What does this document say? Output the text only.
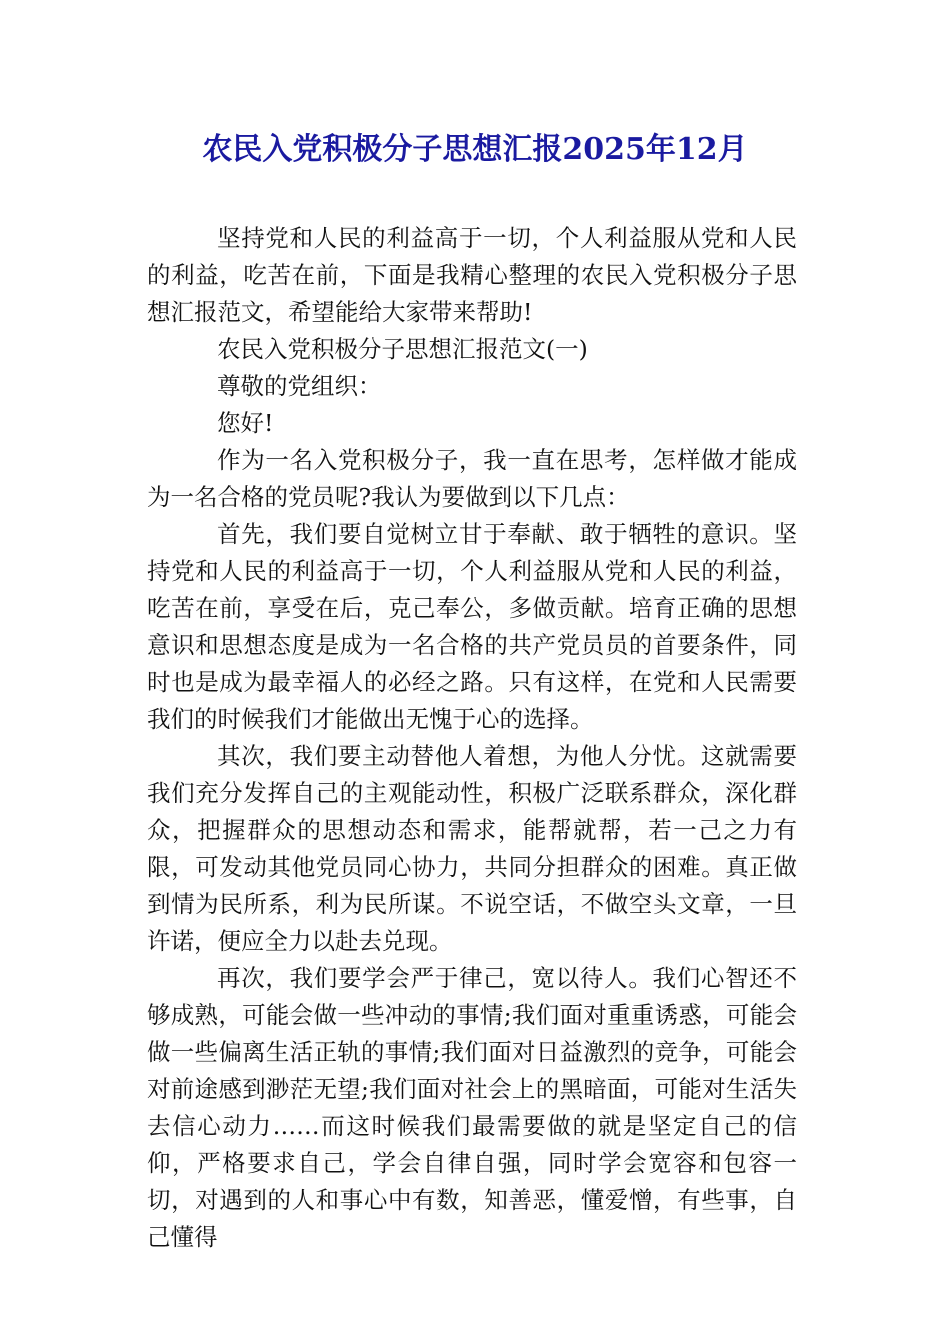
农民入党积极分子思想汇报2025年12月

坚持党和人民的利益高于一切，个人利益服从党和人民的利益，吃苦在前，下面是我精心整理的农民入党积极分子思想汇报范文，希望能给大家带来帮助!

农民入党积极分子思想汇报范文(一)

尊敬的党组织：

您好!

作为一名入党积极分子，我一直在思考，怎样做才能成为一名合格的党员呢?我认为要做到以下几点：

首先，我们要自觉树立甘于奉献、敢于牺牲的意识。坚持党和人民的利益高于一切，个人利益服从党和人民的利益，吃苦在前，享受在后，克己奉公，多做贡献。培育正确的思想意识和思想态度是成为一名合格的共产党员员的首要条件，同时也是成为最幸福人的必经之路。只有这样，在党和人民需要我们的时候我们才能做出无愧于心的选择。

其次，我们要主动替他人着想，为他人分忧。这就需要我们充分发挥自己的主观能动性，积极广泛联系群众，深化群众，把握群众的思想动态和需求，能帮就帮，若一己之力有限，可发动其他党员同心协力，共同分担群众的困难。真正做到情为民所系，利为民所谋。不说空话，不做空头文章，一旦许诺，便应全力以赴去兑现。

再次，我们要学会严于律己，宽以待人。我们心智还不够成熟，可能会做一些冲动的事情;我们面对重重诱惑，可能会做一些偏离生活正轨的事情;我们面对日益激烈的竞争，可能会对前途感到渺茫无望;我们面对社会上的黑暗面，可能对生活失去信心动力……而这时候我们最需要做的就是坚定自己的信仰，严格要求自己，学会自律自强，同时学会宽容和包容一切，对遇到的人和事心中有数，知善恶，懂爱憎，有些事，自己懂得
